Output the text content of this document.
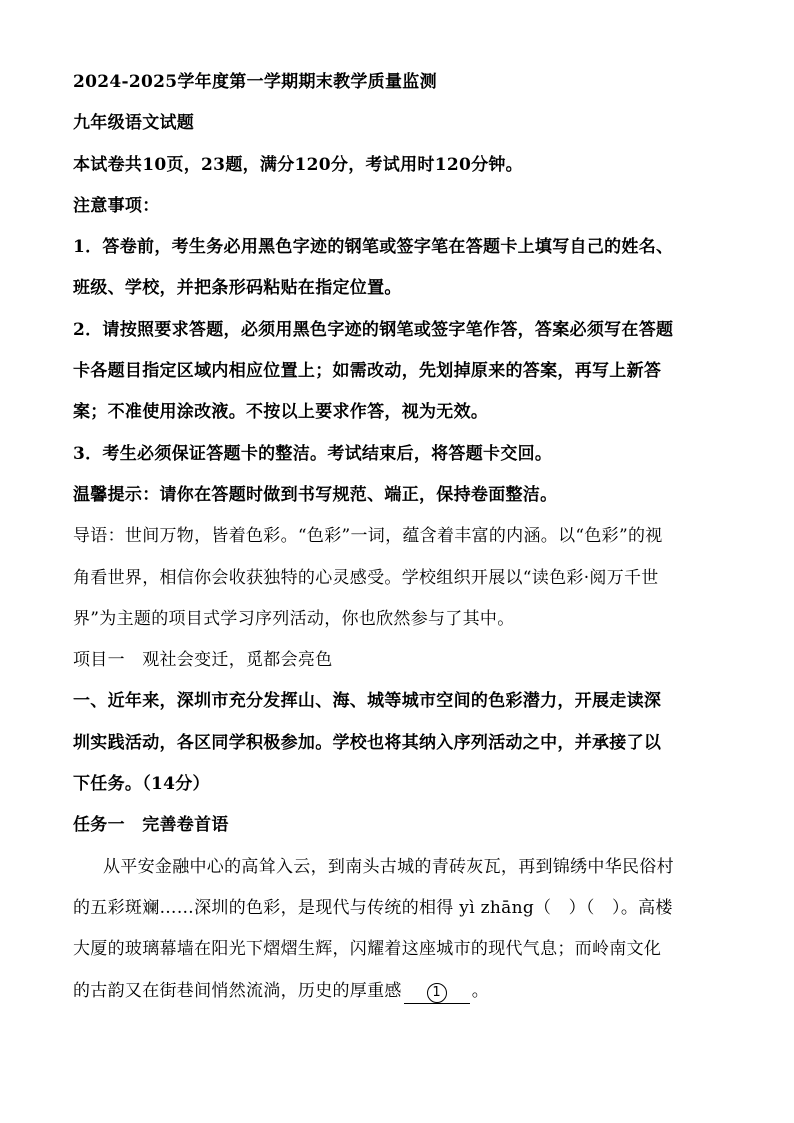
2024-2025学年度第一学期期末教学质量监测
九年级语文试题
本试卷共10页，23题，满分120分，考试用时120分钟。
注意事项：
1．答卷前，考生务必用黑色字迹的钢笔或签字笔在答题卡上填写自己的姓名、
班级、学校，并把条形码粘贴在指定位置。
2．请按照要求答题，必须用黑色字迹的钢笔或签字笔作答，答案必须写在答题
卡各题目指定区域内相应位置上；如需改动，先划掉原来的答案，再写上新答
案；不准使用涂改液。不按以上要求作答，视为无效。
3．考生必须保证答题卡的整洁。考试结束后，将答题卡交回。
温馨提示：请你在答题时做到书写规范、端正，保持卷面整洁。
导语：世间万物，皆着色彩。“色彩”一词，蕴含着丰富的内涵。以“色彩”的视
角看世界，相信你会收获独特的心灵感受。学校组织开展以“读色彩·阅万千世
界”为主题的项目式学习序列活动，你也欣然参与了其中。
项目一　观社会变迁，觅都会亮色
一、近年来，深圳市充分发挥山、海、城等城市空间的色彩潜力，开展走读深
圳实践活动，各区同学积极参加。学校也将其纳入序列活动之中，并承接了以
下任务。（14分）
任务一　完善卷首语
从平安金融中心的高耸入云，到南头古城的青砖灰瓦，再到锦绣中华民俗村
的五彩斑斓……深圳的色彩，是现代与传统的相得 yì zhāng（　）（　）。高楼
大厦的玻璃幕墙在阳光下熠熠生辉，闪耀着这座城市的现代气息；而岭南文化
的古韵又在街巷间悄然流淌，历史的厚重感 1 。
